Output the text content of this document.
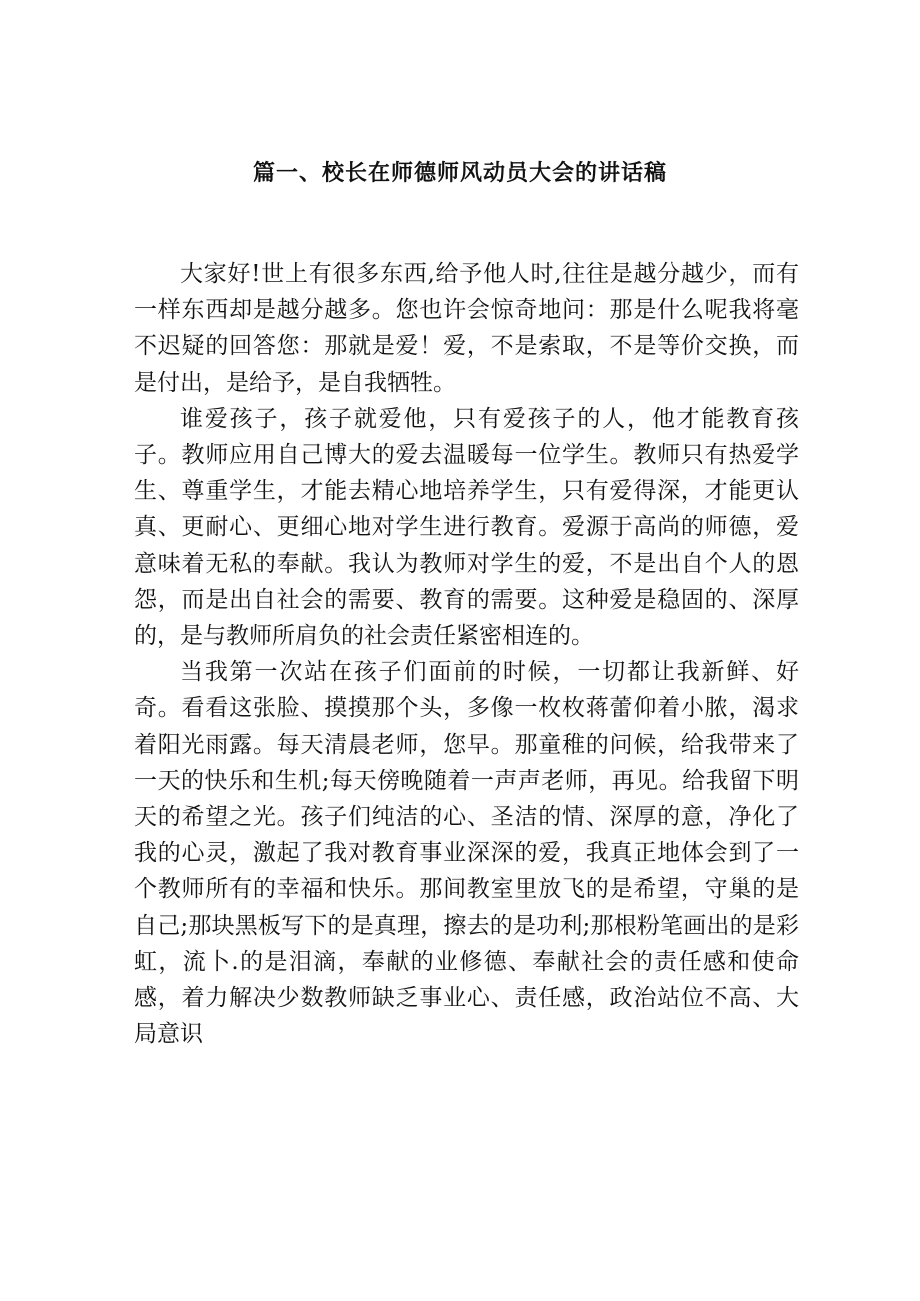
篇一、校长在师德师风动员大会的讲话稿

大家好!世上有很多东西,给予他人时,往往是越分越少，而有一样东西却是越分越多。您也许会惊奇地问：那是什么呢我将毫不迟疑的回答您：那就是爱！爱，不是索取，不是等价交换，而是付出，是给予，是自我牺牲。

谁爱孩子，孩子就爱他，只有爱孩子的人，他才能教育孩子。教师应用自己博大的爱去温暖每一位学生。教师只有热爱学生、尊重学生，才能去精心地培养学生，只有爱得深，才能更认真、更耐心、更细心地对学生进行教育。爱源于高尚的师德，爱意味着无私的奉献。我认为教师对学生的爱，不是出自个人的恩怨，而是出自社会的需要、教育的需要。这种爱是稳固的、深厚的，是与教师所肩负的社会责任紧密相连的。

当我第一次站在孩子们面前的时候，一切都让我新鲜、好奇。看看这张脸、摸摸那个头，多像一枚枚蒋蕾仰着小脓，渴求着阳光雨露。每天清晨老师，您早。那童稚的问候，给我带来了一天的快乐和生机;每天傍晚随着一声声老师，再见。给我留下明天的希望之光。孩子们纯洁的心、圣洁的情、深厚的意，净化了我的心灵，激起了我对教育事业深深的爱，我真正地体会到了一个教师所有的幸福和快乐。那间教室里放飞的是希望，守巢的是自己;那块黑板写下的是真理，擦去的是功利;那根粉笔画出的是彩虹，流卜.的是泪滴，奉献的业修德、奉献社会的责任感和使命感，着力解决少数教师缺乏事业心、责任感，政治站位不高、大局意识
